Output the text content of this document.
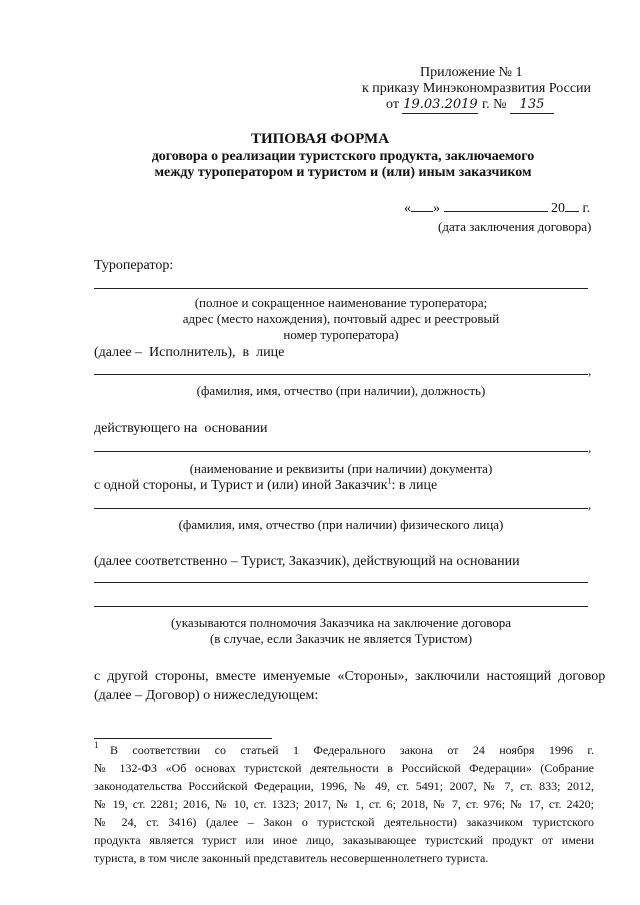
Приложение № 1
к приказу Минэкономразвития России
от 19.03.2019 г. № 135
ТИПОВАЯ ФОРМА
договора о реализации туристского продукта, заключаемого
между туроператором и туристом и (или) иным заказчиком
« »	20 г.
(дата заключения договора)
Туроператор:
(полное и сокращенное наименование туроператора;
адрес (место нахождения), почтовый адрес и реестровый
номер туроператора)
(далее –  Исполнитель),  в  лице
,
(фамилия, имя, отчество (при наличии), должность)
действующего на  основании
,
(наименование и реквизиты (при наличии) документа)
с одной стороны, и Турист и (или) иной Заказчик$^1$: в лице
,
(фамилия, имя, отчество (при наличии) физического лица)
(далее соответственно – Турист, Заказчик), действующий на основании
(указываются полномочия Заказчика на заключение договора
(в случае, если Заказчик не является Туристом)
с  другой  стороны,  вместе  именуемые  «Стороны»,  заключили  настоящий  договор
(далее – Договор) о нижеследующем:
1 В соответствии со статьей 1 Федерального закона от 24 ноября 1996 г.
№ 132-ФЗ «Об основах туристской деятельности в Российской Федерации» (Собрание
законодательства Российской Федерации, 1996, № 49, ст. 5491; 2007, № 7, ст. 833; 2012,
№ 19, ст. 2281; 2016, № 10, ст. 1323; 2017, № 1, ст. 6; 2018, № 7, ст. 976; № 17, ст. 2420;
№ 24, ст. 3416) (далее – Закон о туристской деятельности) заказчиком туристского
продукта является турист или иное лицо, заказывающее туристский продукт от имени
туриста, в том числе законный представитель несовершеннолетнего туриста.
